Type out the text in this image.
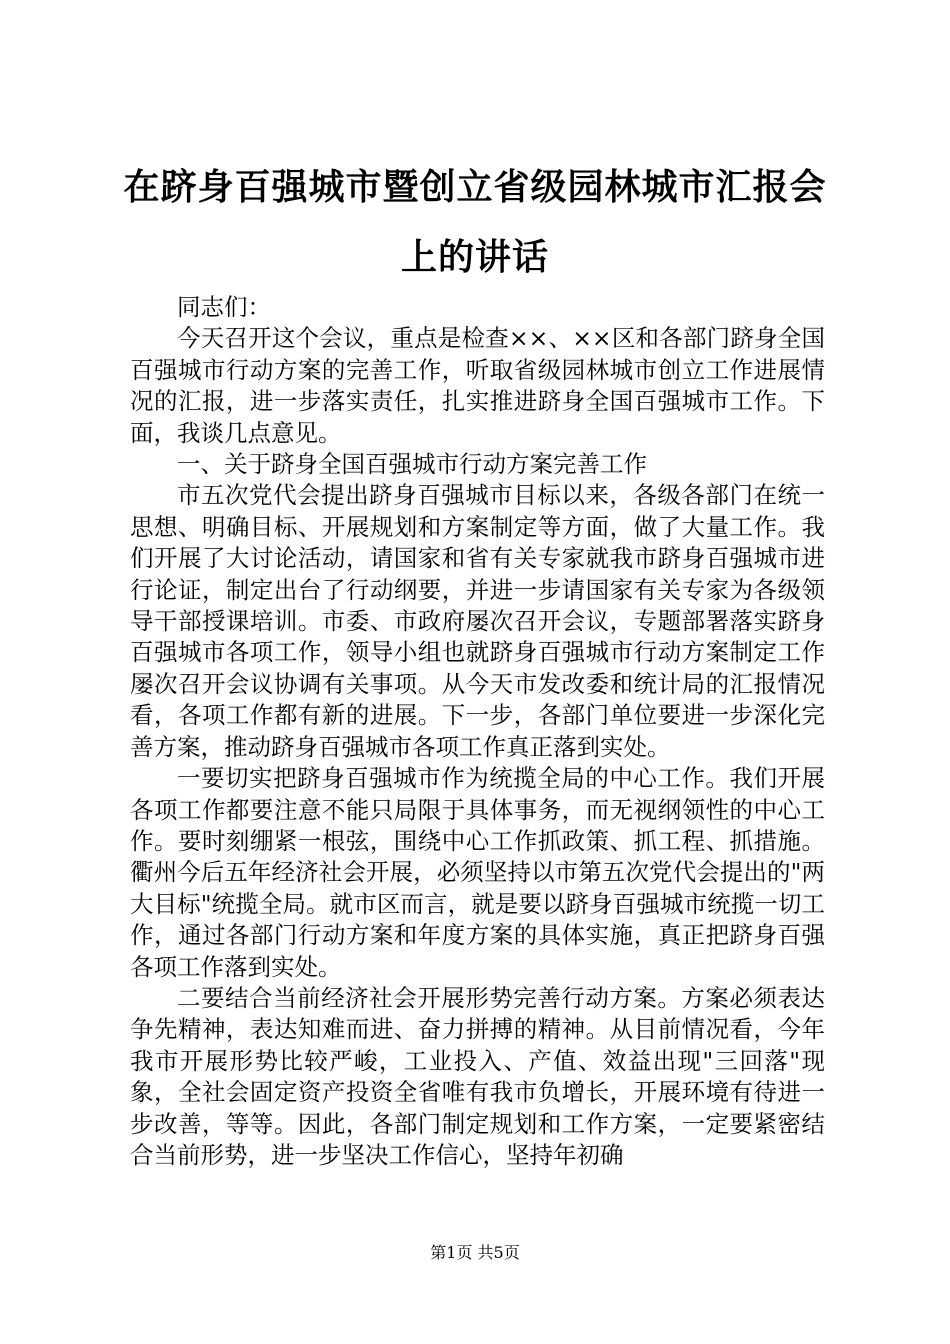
在跻身百强城市暨创立省级园林城市汇报会上的讲话

同志们：

今天召开这个会议，重点是检查××、××区和各部门跻身全国百强城市行动方案的完善工作，听取省级园林城市创立工作进展情况的汇报，进一步落实责任，扎实推进跻身全国百强城市工作。下面，我谈几点意见。

一、关于跻身全国百强城市行动方案完善工作

市五次党代会提出跻身百强城市目标以来，各级各部门在统一思想、明确目标、开展规划和方案制定等方面，做了大量工作。我们开展了大讨论活动，请国家和省有关专家就我市跻身百强城市进行论证，制定出台了行动纲要，并进一步请国家有关专家为各级领导干部授课培训。市委、市政府屡次召开会议，专题部署落实跻身百强城市各项工作，领导小组也就跻身百强城市行动方案制定工作屡次召开会议协调有关事项。从今天市发改委和统计局的汇报情况看，各项工作都有新的进展。下一步，各部门单位要进一步深化完善方案，推动跻身百强城市各项工作真正落到实处。

一要切实把跻身百强城市作为统揽全局的中心工作。我们开展各项工作都要注意不能只局限于具体事务，而无视纲领性的中心工作。要时刻绷紧一根弦，围绕中心工作抓政策、抓工程、抓措施。衢州今后五年经济社会开展，必须坚持以市第五次党代会提出的"两大目标"统揽全局。就市区而言，就是要以跻身百强城市统揽一切工作，通过各部门行动方案和年度方案的具体实施，真正把跻身百强各项工作落到实处。

二要结合当前经济社会开展形势完善行动方案。方案必须表达争先精神，表达知难而进、奋力拼搏的精神。从目前情况看，今年我市开展形势比较严峻，工业投入、产值、效益出现"三回落"现象，全社会固定资产投资全省唯有我市负增长，开展环境有待进一步改善，等等。因此，各部门制定规划和工作方案，一定要紧密结合当前形势，进一步坚决工作信心，坚持年初确

第1页 共5页
